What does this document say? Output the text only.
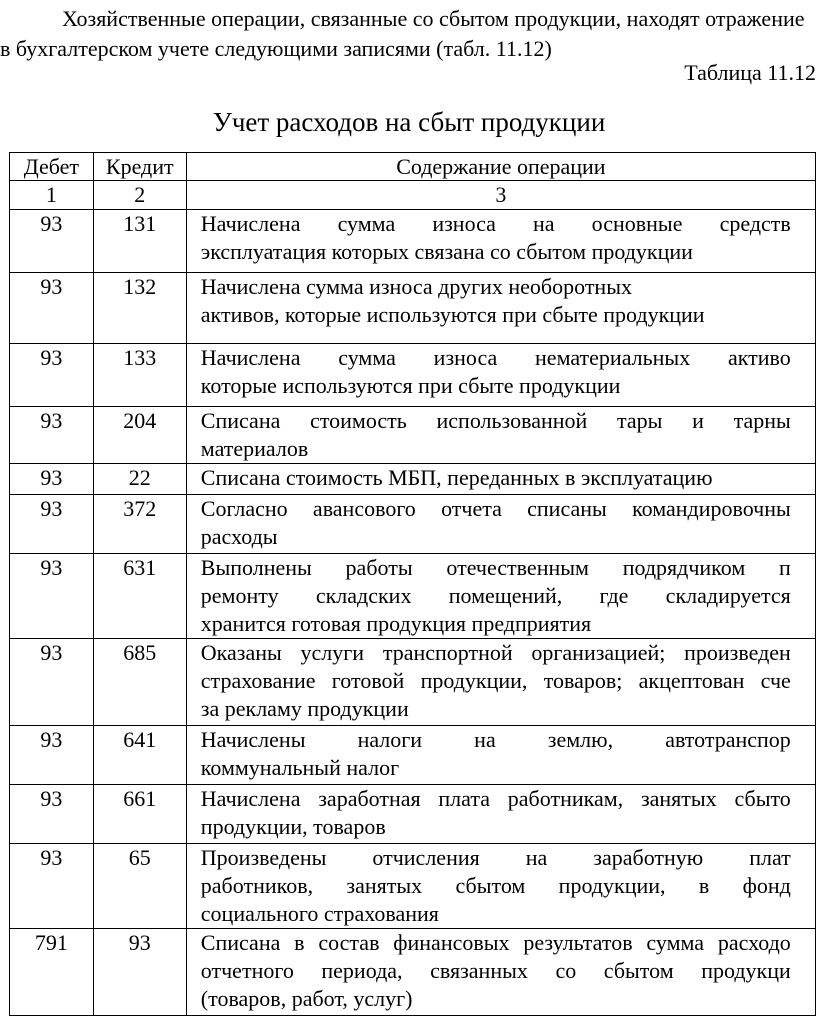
Хозяйственные операции, связанные со сбытом продукции, находят отражение
в бухгалтерском учете следующими записями (табл. 11.12)
Таблица 11.12
Учет расходов на сбыт продукции
Дебет	Кредит	Содержание операции
1	2	3
93	131	Начислена сумма износа на основные средств
эксплуатация которых связана со сбытом продукции

93	132	Начислена сумма износа других необоротных
активов, которые используются при сбыте продукции

93	133	Начислена сумма износа нематериальных активо
которые используются при сбыте продукции

93	204	Списана стоимость использованной тары и тарны
материалов

93	22	Списана стоимость МБП, переданных в эксплуатацию

93	372	Согласно авансового отчета списаны командировочны
расходы

93	631	Выполнены работы отечественным подрядчиком п
ремонту складских помещений, где складируется
хранится готовая продукция предприятия

93	685	Оказаны услуги транспортной организацией; произведен
страхование готовой продукции, товаров; акцептован сче
за рекламу продукции

93	641	Начислены налоги на землю, автотранспор
коммунальный налог

93	661	Начислена заработная плата работникам, занятых сбыто
продукции, товаров

93	65	Произведены отчисления на заработную плат
работников, занятых сбытом продукции, в фонд
социального страхования

791	93	Списана в состав финансовых результатов сумма расходо
отчетного периода, связанных со сбытом продукци
(товаров, работ, услуг)
